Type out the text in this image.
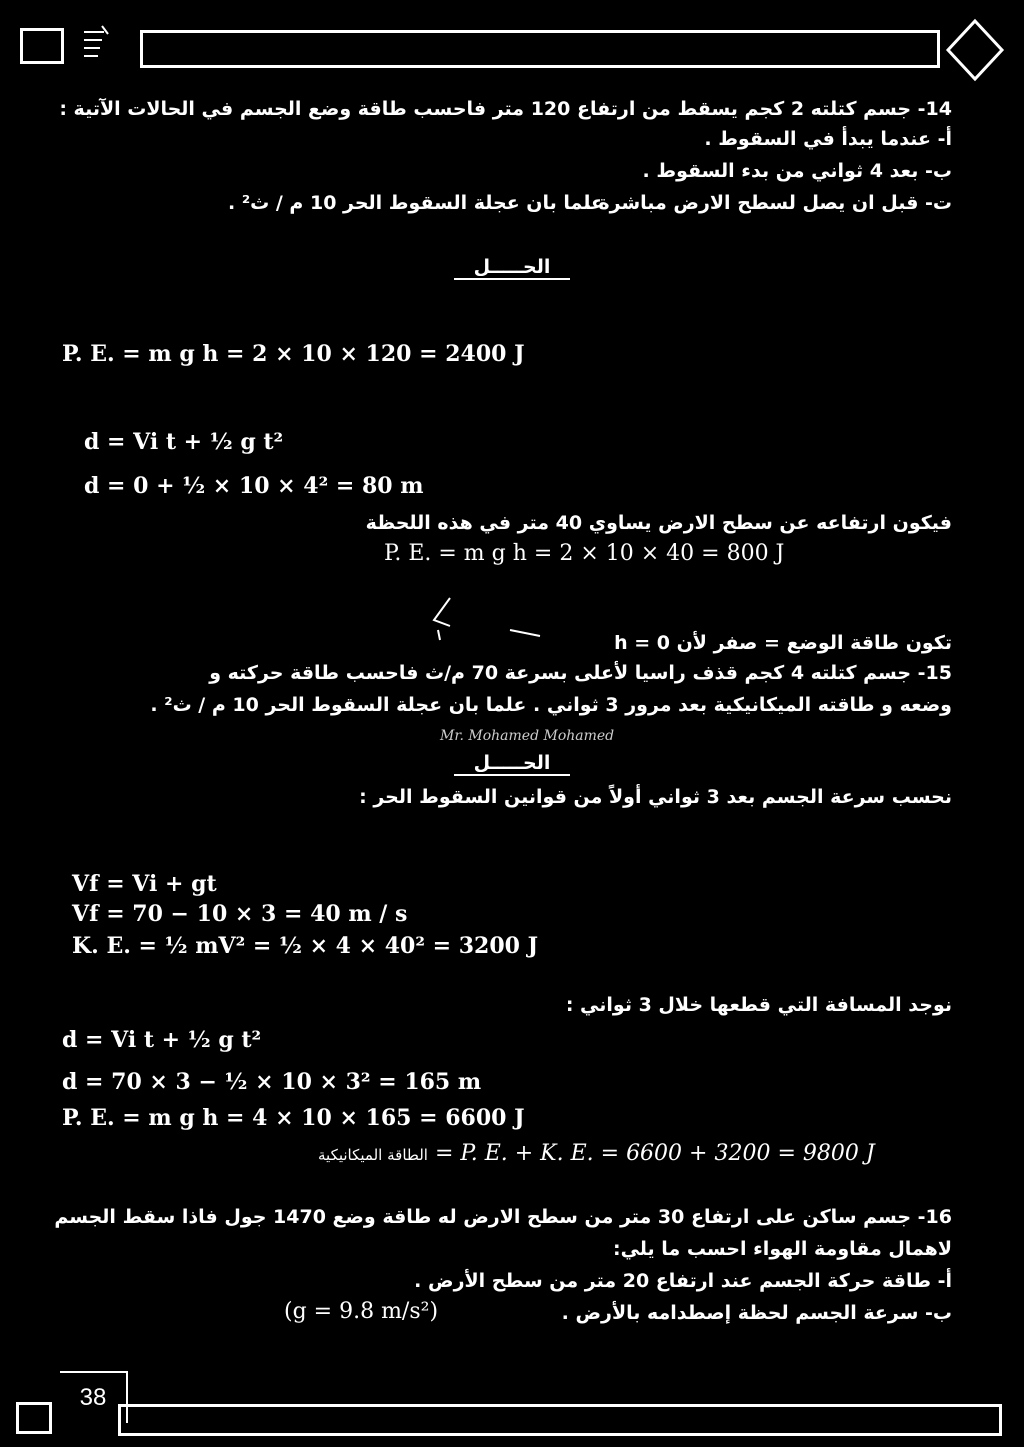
14- جسم كتلته 2 كجم يسقط من ارتفاع 120 متر فاحسب طاقة وضع الجسم في الحالات الآتية :
أ- عندما يبدأ في السقوط .
ب- بعد 4 ثواني من بدء السقوط .
ت- قبل ان يصل لسطح الارض مباشرة .
علما بان عجلة السقوط الحر 10 م / ث² .
الحـــــل
P. E. = m g h = 2 × 10 × 120 = 2400 J
d = Vi t + ½ g t²
d = 0 + ½ × 10 × 4² = 80 m
فيكون ارتفاعه عن سطح الارض يساوي 40 متر في هذه اللحظة
P. E. = m g h = 2 × 10 × 40 = 800 J
تكون طاقة الوضع = صفر لأن h = 0
15- جسم كتلته 4 كجم قذف راسيا لأعلى بسرعة 70 م/ث فاحسب طاقة حركته و
وضعه و طاقته الميكانيكية بعد مرور 3 ثواني . علما بان عجلة السقوط الحر 10 م / ث² .
Mr. Mohamed Mohamed
الحـــــل
نحسب سرعة الجسم بعد 3 ثواني أولاً من قوانين السقوط الحر :
Vf = Vi + gt
Vf = 70 − 10 × 3 = 40 m / s
K. E. = ½ mV² = ½ × 4 × 40² = 3200 J
نوجد المسافة التي قطعها خلال 3 ثواني :
d = Vi t + ½ g t²
d = 70 × 3 − ½ × 10 × 3² = 165 m
P. E. = m g h = 4 × 10 × 165 = 6600 J
الطاقة الميكانيكية = P. E. + K. E. = 6600 + 3200 = 9800 J
16- جسم ساكن على ارتفاع 30 متر من سطح الارض له طاقة وضع 1470 جول فاذا سقط الجسم
لاهمال مقاومة الهواء احسب ما يلي:
أ- طاقة حركة الجسم عند ارتفاع 20 متر من سطح الأرض .
ب- سرعة الجسم لحظة إصطدامه بالأرض .
(g = 9.8 m/s²)
38
